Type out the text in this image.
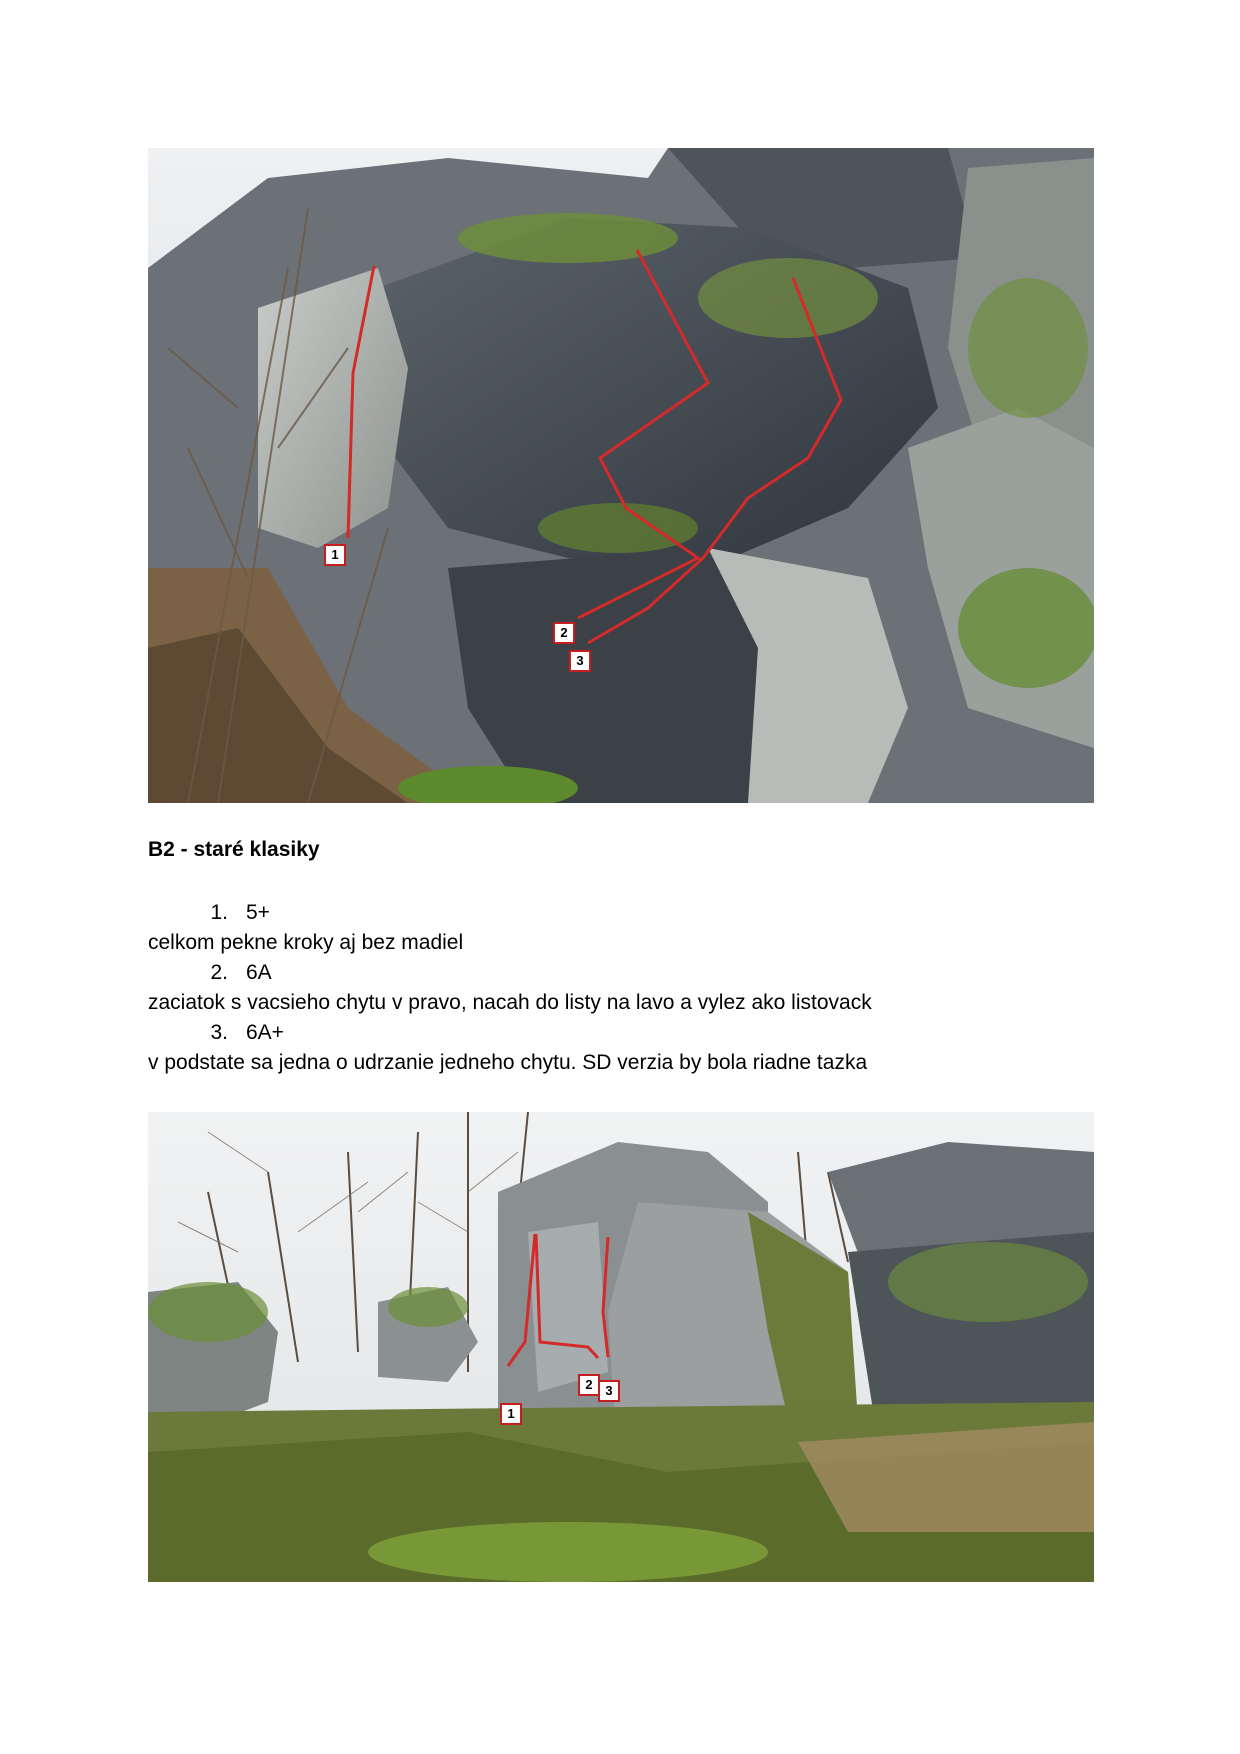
1
2
3
B2 - staré klasiky
1. 5+
celkom pekne kroky aj bez madiel
2. 6A
zaciatok s vacsieho chytu v pravo, nacah do listy na lavo a vylez ako listovack
3. 6A+
v podstate sa jedna o udrzanie jedneho chytu. SD verzia by bola riadne tazka
1
2 3
